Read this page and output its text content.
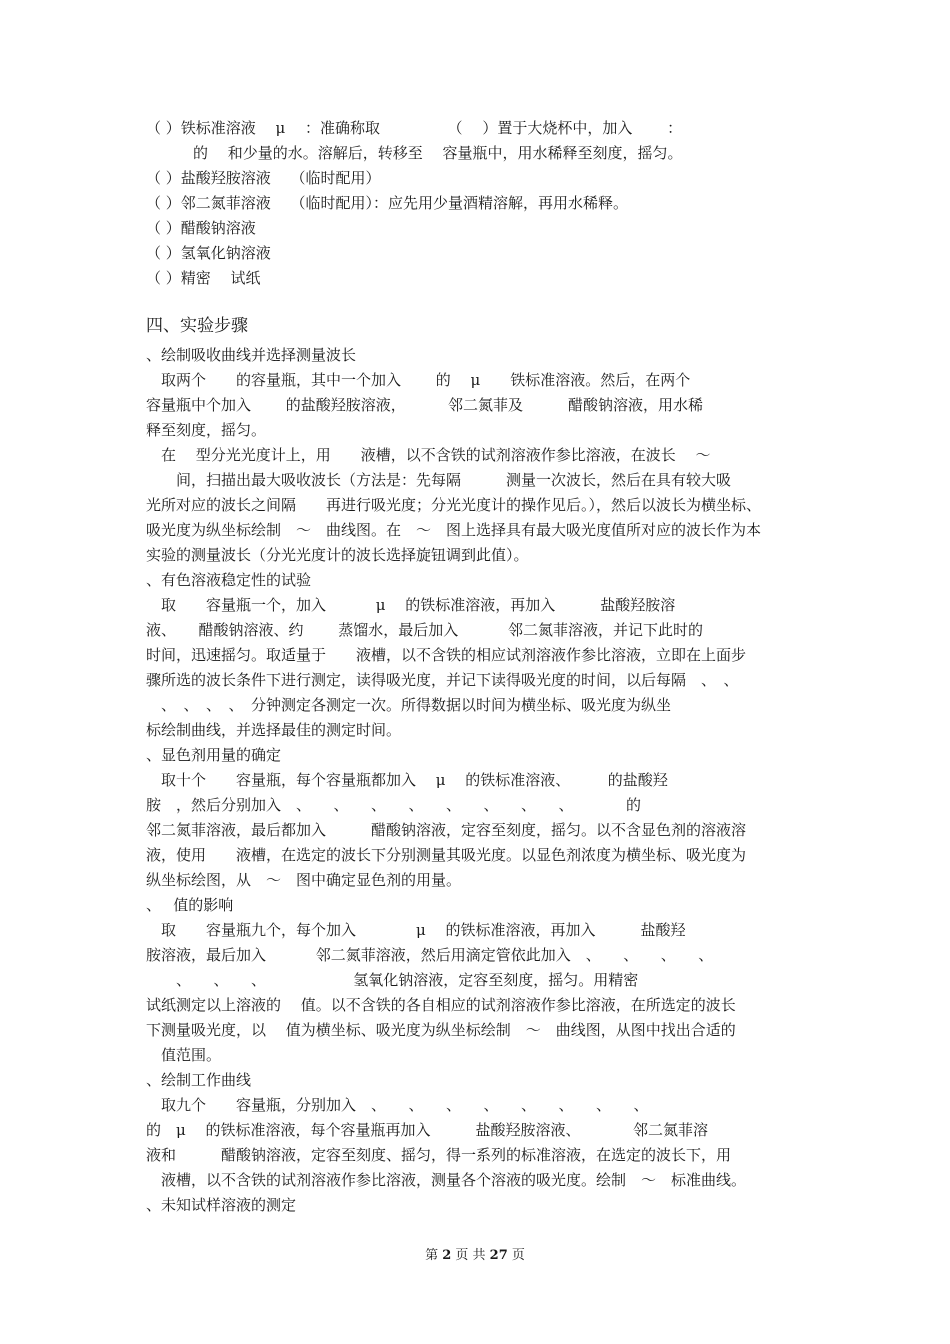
（ ）铁标准溶液　 μ　 ：准确称取　　　　　（　 ）置于大烧杯中，加入　　 ：
　的　 和少量的水。溶解后，转移至　 容量瓶中，用水稀释至刻度，摇匀。
（ ）盐酸羟胺溶液　 （临时配用）
（ ）邻二氮菲溶液　 （临时配用）：应先用少量酒精溶解，再用水稀释。
（ ）醋酸钠溶液
（ ）氢氧化钠溶液
（ ）精密　 试纸
四、实验步骤
、绘制吸收曲线并选择测量波长
　取两个　　的容量瓶，其中一个加入　　 的　 μ　　铁标准溶液。然后，在两个
容量瓶中个加入　　 的盐酸羟胺溶液，　　　 邻二氮菲及　　　醋酸钠溶液，用水稀
释至刻度，摇匀。
　在　 型分光光度计上，用　　液槽，以不含铁的试剂溶液作参比溶液，在波长　 ～
　　间，扫描出最大吸收波长（方法是：先每隔　　　测量一次波长，然后在具有较大吸
光所对应的波长之间隔　　再进行吸光度；分光光度计的操作见后。），然后以波长为横坐标、
吸光度为纵坐标绘制　～　曲线图。在　～　图上选择具有最大吸光度值所对应的波长作为本
实验的测量波长（分光光度计的波长选择旋钮调到此值）。
、有色溶液稳定性的试验
　取　　容量瓶一个，加入　　　 μ　 的铁标准溶液，再加入　　　盐酸羟胺溶
液、　　醋酸钠溶液、约　　 蒸馏水，最后加入　　　 邻二氮菲溶液，并记下此时的
时间，迅速摇匀。取适量于　　液槽，以不含铁的相应试剂溶液作参比溶液，立即在上面步
骤所选的波长条件下进行测定，读得吸光度，并记下读得吸光度的时间，以后每隔　、　、
　、　、　、　、　分钟测定各测定一次。所得数据以时间为横坐标、吸光度为纵坐
标绘制曲线，并选择最佳的测定时间。
、显色剂用量的确定
　取十个　　容量瓶，每个容量瓶都加入　 μ　 的铁标准溶液、　　　的盐酸羟
胺　，然后分别加入　、　　、　　、　　、　　、　　、　　、　　、　　　　的
邻二氮菲溶液，最后都加入　　　醋酸钠溶液，定容至刻度，摇匀。以不含显色剂的溶液溶
液，使用　　液槽，在选定的波长下分别测量其吸光度。以显色剂浓度为横坐标、吸光度为
纵坐标绘图，从　～　图中确定显色剂的用量。
、　 值的影响
　取　　容量瓶九个，每个加入　　　　μ　 的铁标准溶液，再加入　　　盐酸羟
胺溶液，最后加入　　　 邻二氮菲溶液，然后用滴定管依此加入　、　　、　　、　　、
　　、　　、　　、　　　　　　 氢氧化钠溶液，定容至刻度，摇匀。用精密
试纸测定以上溶液的　 值。以不含铁的各自相应的试剂溶液作参比溶液，在所选定的波长
下测量吸光度，以　 值为横坐标、吸光度为纵坐标绘制　～　曲线图，从图中找出合适的
　值范围。
、绘制工作曲线
　取九个　　容量瓶，分别加入　、　　、　　、　　、　　、　　、　　、　　、
的　μ　 的铁标准溶液，每个容量瓶再加入　　　盐酸羟胺溶液、　　　　邻二氮菲溶
液和　　　醋酸钠溶液，定容至刻度、摇匀，得一系列的标准溶液，在选定的波长下，用
　液槽，以不含铁的试剂溶液作参比溶液，测量各个溶液的吸光度。绘制　～　标准曲线。
、未知试样溶液的测定
第 2 页 共 27 页
